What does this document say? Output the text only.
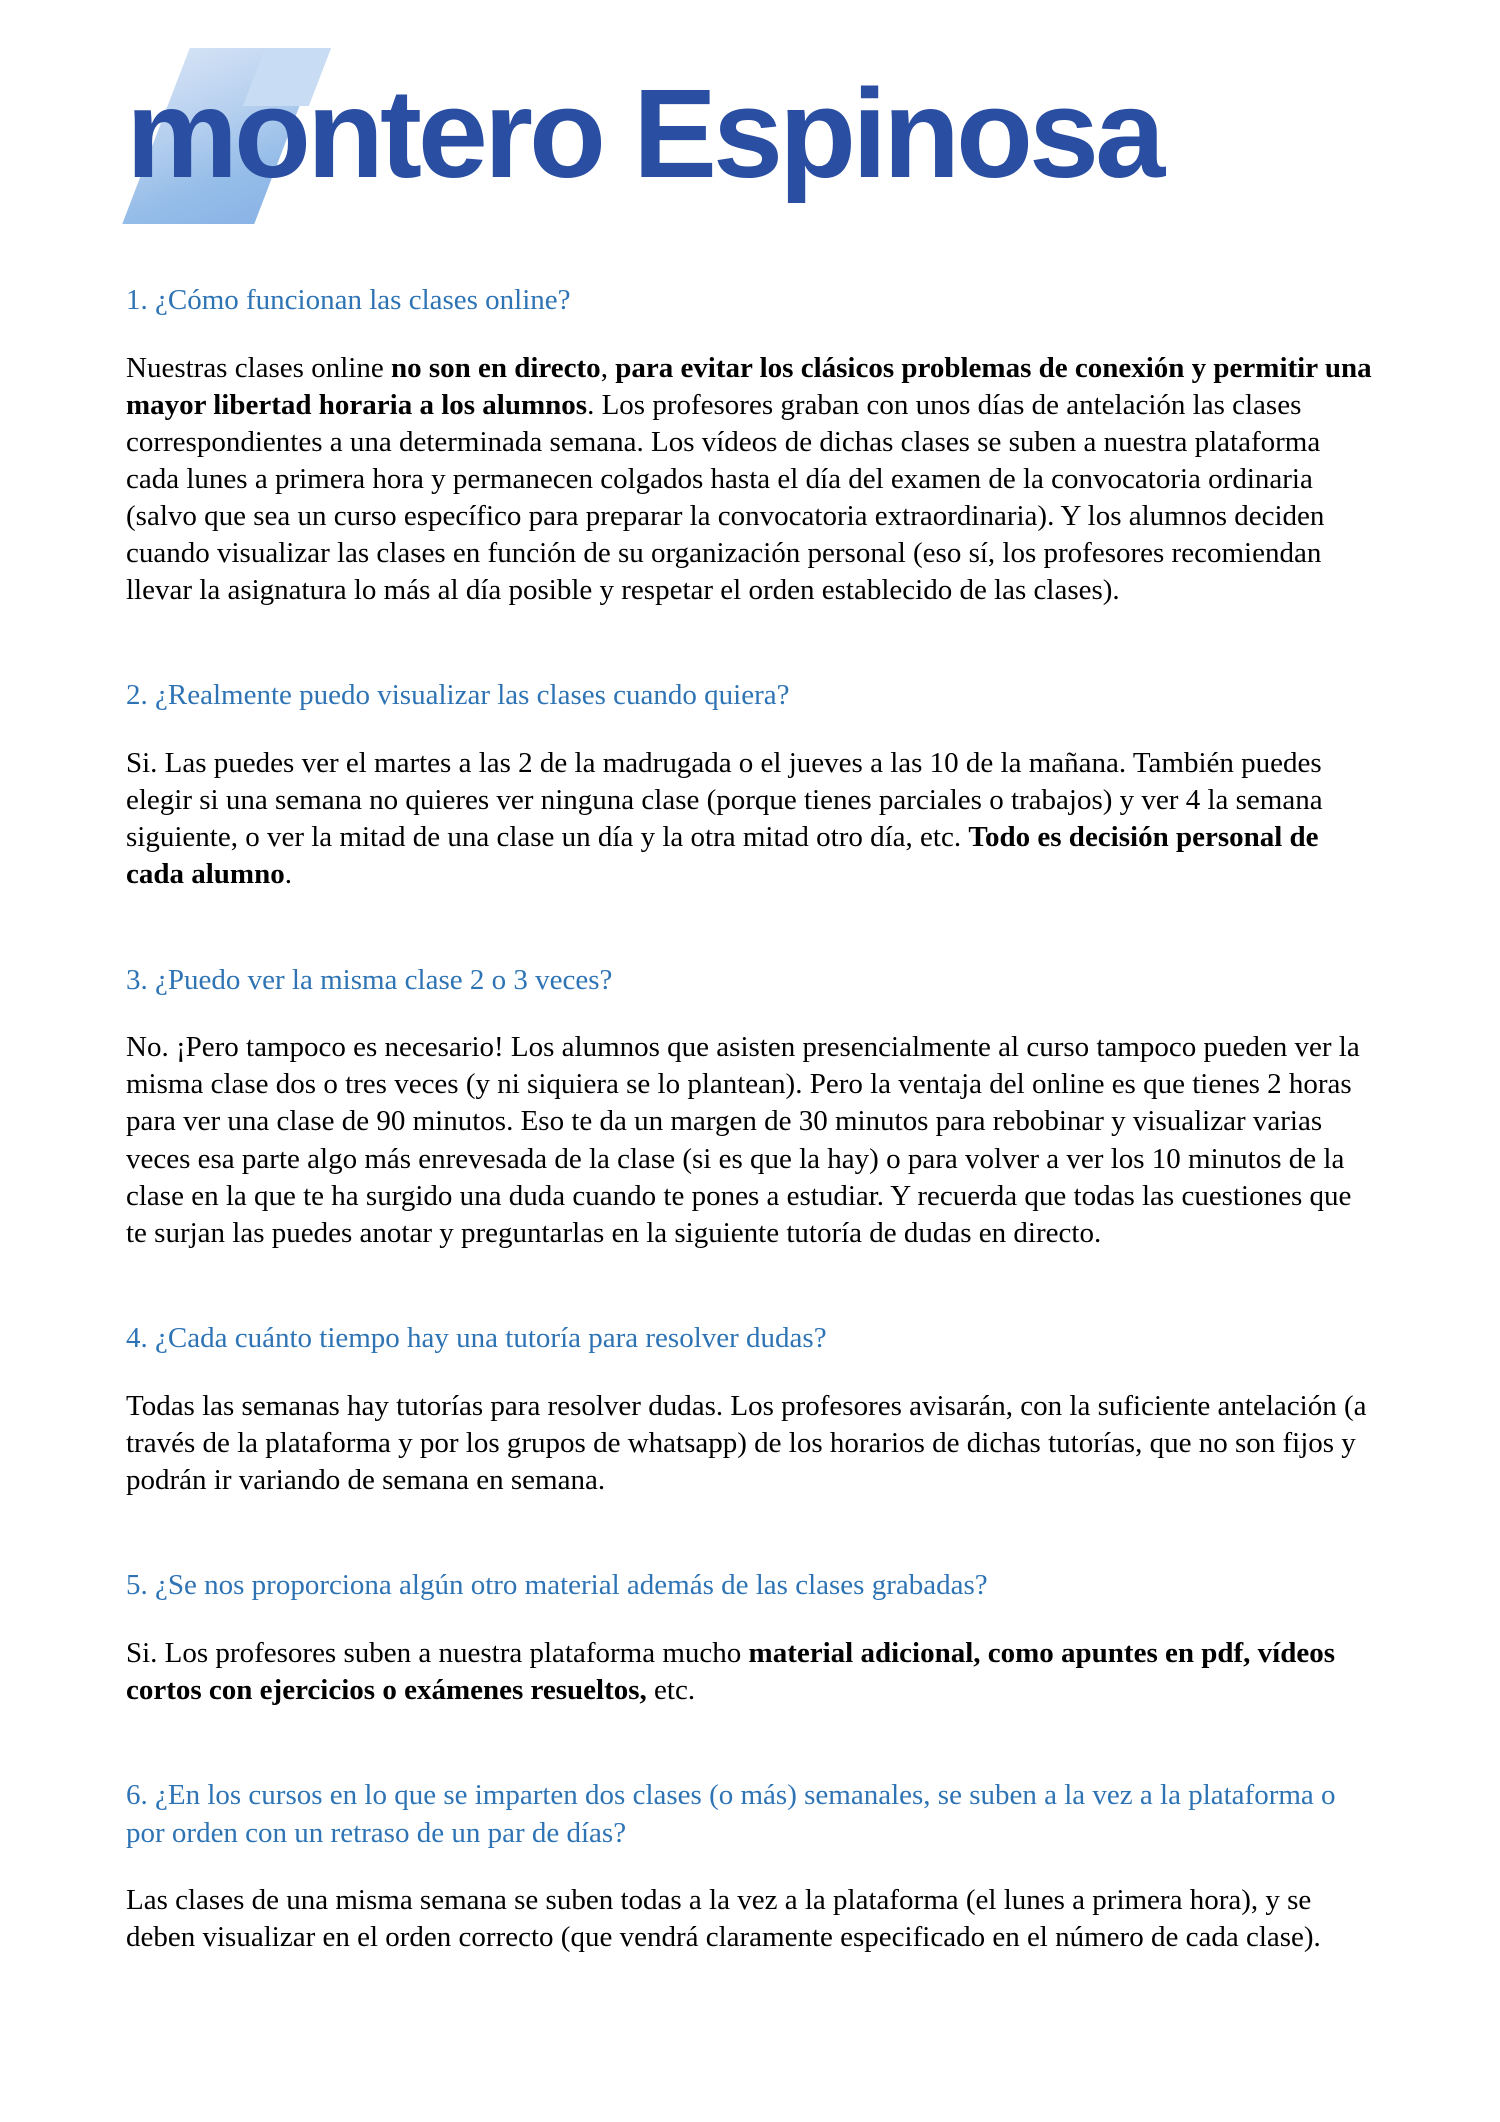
montero Espinosa
1. ¿Cómo funcionan las clases online?

Nuestras clases online no son en directo, para evitar los clásicos problemas de conexión y permitir una mayor libertad horaria a los alumnos. Los profesores graban con unos días de antelación las clases correspondientes a una determinada semana. Los vídeos de dichas clases se suben a nuestra plataforma cada lunes a primera hora y permanecen colgados hasta el día del examen de la convocatoria ordinaria (salvo que sea un curso específico para preparar la convocatoria extraordinaria). Y los alumnos deciden cuando visualizar las clases en función de su organización personal (eso sí, los profesores recomiendan llevar la asignatura lo más al día posible y respetar el orden establecido de las clases).

2. ¿Realmente puedo visualizar las clases cuando quiera?

Si. Las puedes ver el martes a las 2 de la madrugada o el jueves a las 10 de la mañana. También puedes elegir si una semana no quieres ver ninguna clase (porque tienes parciales o trabajos) y ver 4 la semana siguiente, o ver la mitad de una clase un día y la otra mitad otro día, etc. Todo es decisión personal de cada alumno.

3. ¿Puedo ver la misma clase 2 o 3 veces?

No. ¡Pero tampoco es necesario! Los alumnos que asisten presencialmente al curso tampoco pueden ver la misma clase dos o tres veces (y ni siquiera se lo plantean). Pero la ventaja del online es que tienes 2 horas para ver una clase de 90 minutos. Eso te da un margen de 30 minutos para rebobinar y visualizar varias veces esa parte algo más enrevesada de la clase (si es que la hay) o para volver a ver los 10 minutos de la clase en la que te ha surgido una duda cuando te pones a estudiar. Y recuerda que todas las cuestiones que te surjan las puedes anotar y preguntarlas en la siguiente tutoría de dudas en directo.

4. ¿Cada cuánto tiempo hay una tutoría para resolver dudas?

Todas las semanas hay tutorías para resolver dudas. Los profesores avisarán, con la suficiente antelación (a través de la plataforma y por los grupos de whatsapp) de los horarios de dichas tutorías, que no son fijos y podrán ir variando de semana en semana.

5. ¿Se nos proporciona algún otro material además de las clases grabadas?

Si. Los profesores suben a nuestra plataforma mucho material adicional, como apuntes en pdf, vídeos cortos con ejercicios o exámenes resueltos, etc.

6. ¿En los cursos en lo que se imparten dos clases (o más) semanales, se suben a la vez a la plataforma o por orden con un retraso de un par de días?

Las clases de una misma semana se suben todas a la vez a la plataforma (el lunes a primera hora), y se deben visualizar en el orden correcto (que vendrá claramente especificado en el número de cada clase).
